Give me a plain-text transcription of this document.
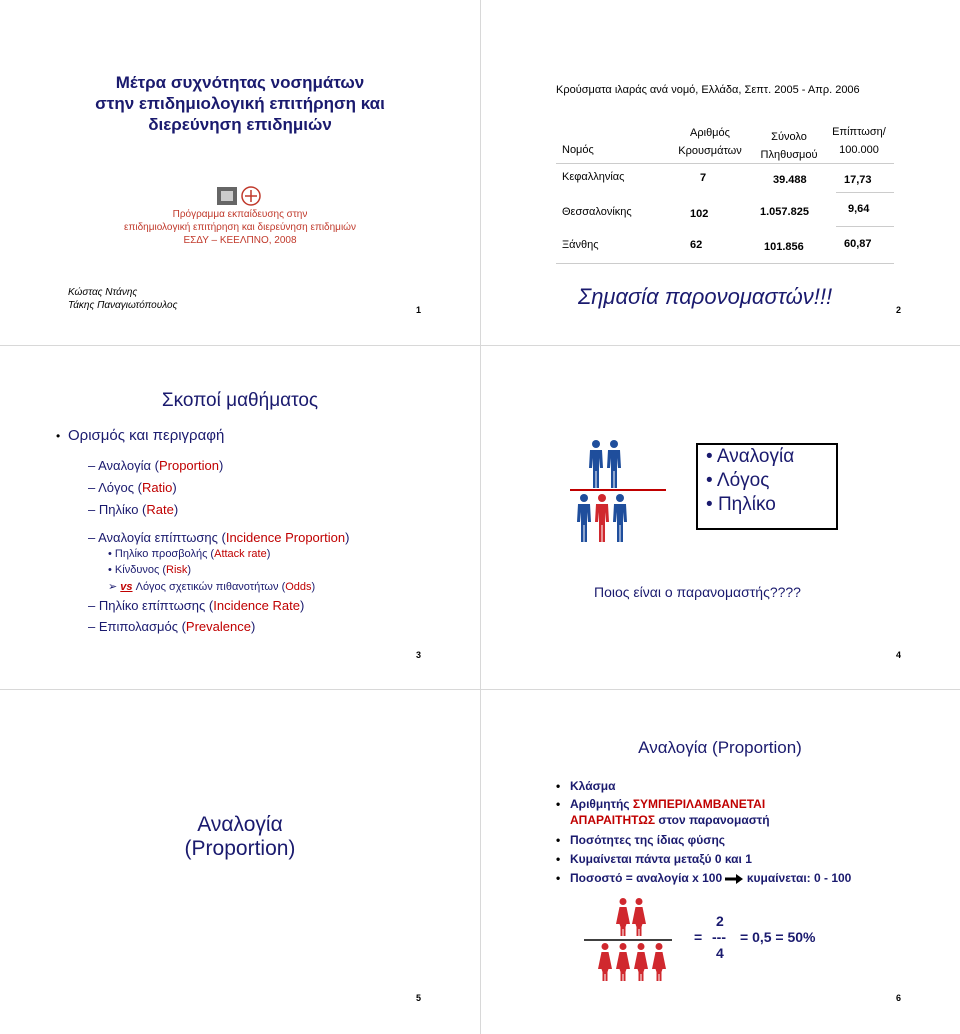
Μέτρα συχνότητας νοσημάτων
στην επιδημιολογική επιτήρηση και
διερεύνηση επιδημιών
Πρόγραμμα εκπαίδευσης στην
επιδημιολογική επιτήρηση και διερεύνηση επιδημιών
ΕΣΔΥ – ΚΕΕΛΠΝΟ, 2008
Κώστας Ντάνης
Τάκης Παναγιωτόπουλος	1
Κρούσματα ιλαράς ανά νομό, Ελλάδα, Σεπτ. 2005 - Απρ. 2006
Νομός
Αριθμός
Κρουσμάτων
Σύνολο
Πληθυσμού
Επίπτωση/
100.000
Κεφαλληνίας	7	39.488	17,73
Θεσσαλονίκης	102	1.057.825	9,64
Ξάνθης	62	101.856	60,87
Σημασία παρονομαστών!!!
2
Σκοποί μαθήματος
• Ορισμός και περιγραφή
– Αναλογία (Proportion)
– Λόγος (Ratio)
– Πηλίκο (Rate)
– Αναλογία επίπτωσης (Incidence Proportion)
• Πηλίκο προσβολής (Attack rate)
• Κίνδυνος (Risk)
➢ vs Λόγος σχετικών πιθανοτήτων (Odds)
– Πηλίκο επίπτωσης (Incidence Rate)
– Επιπολασμός (Prevalence)
3
• Αναλογία
• Λόγος
• Πηλίκο
Ποιος είναι ο παρανομαστής????
4
Αναλογία
(Proportion)
5
Αναλογία (Proportion)
• Κλάσμα
• Αριθμητής ΣΥΜΠΕΡΙΛΑΜΒΑΝΕΤΑΙ
ΑΠΑΡΑΙΤΗΤΩΣ στον παρανομαστή
• Ποσότητες της ίδιας φύσης
• Κυμαίνεται πάντα μεταξύ 0 και 1
• Ποσοστό = αναλογία x 100  κυμαίνεται: 0 - 100
=
2
---
4
= 0,5 = 50%
6
